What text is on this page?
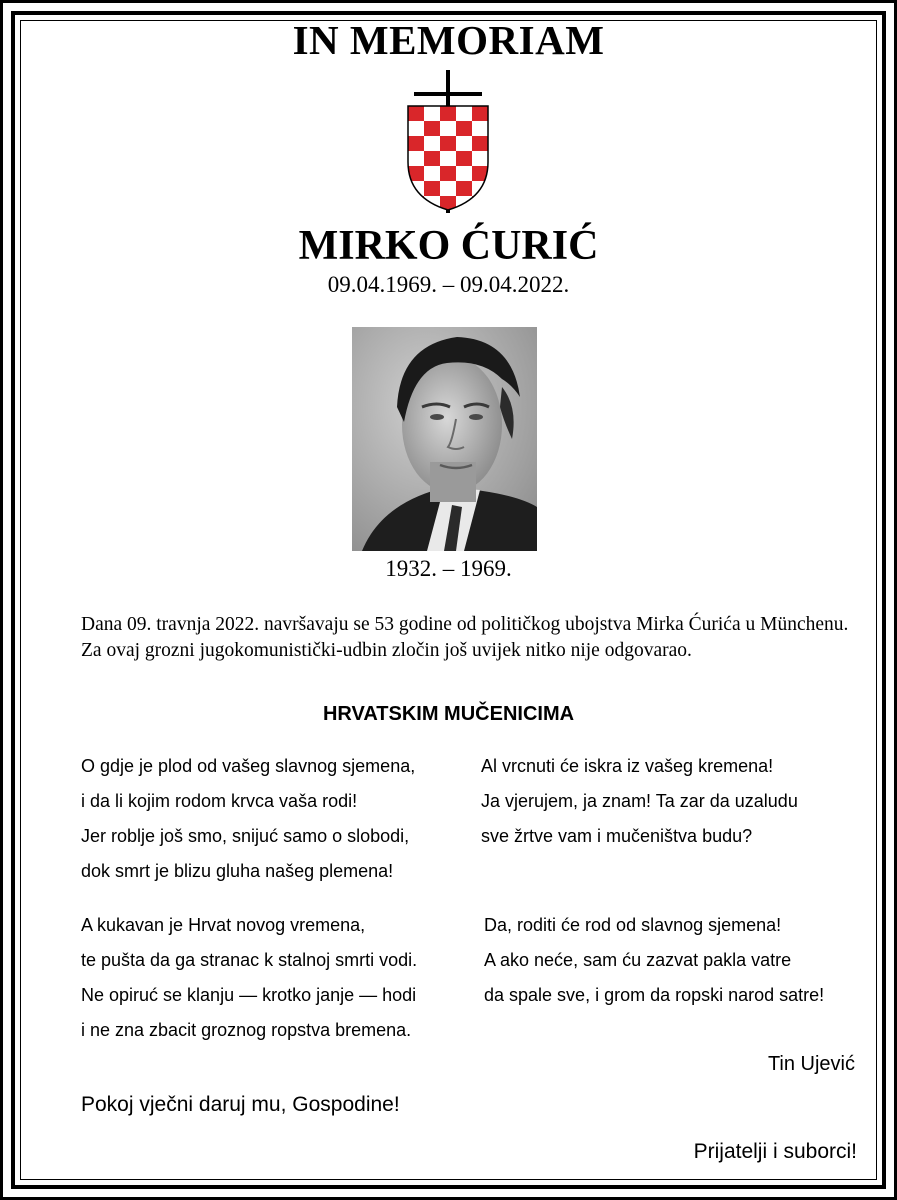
IN MEMORIAM
MIRKO ĆURIĆ
09.04.1969. – 09.04.2022.
1932. – 1969.
Dana 09. travnja 2022. navršavaju se 53 godine od političkog ubojstva Mirka Ćurića u Münchenu. Za ovaj grozni jugokomunistički-udbin zločin još uvijek nitko nije odgovarao.
HRVATSKIM MUČENICIMA
O gdje je plod od vašeg slavnog sjemena,
i da li kojim rodom krvca vaša rodi!
Jer roblje još smo, snijuć samo o slobodi,
dok smrt je blizu gluha našeg plemena!
A kukavan je Hrvat novog vremena,
te pušta da ga stranac k stalnoj smrti vodi.
Ne opiruć se klanju — krotko janje — hodi
i ne zna zbacit groznog ropstva bremena.
Al vrcnuti će iskra iz vašeg kremena!
Ja vjerujem, ja znam! Ta zar da uzaludu
sve žrtve vam i mučeništva budu?
Da, roditi će rod od slavnog sjemena!
A ako neće, sam ću zazvat pakla vatre
da spale sve, i grom da ropski narod satre!
Tin Ujević
Pokoj vječni daruj mu, Gospodine!
Prijatelji i suborci!
